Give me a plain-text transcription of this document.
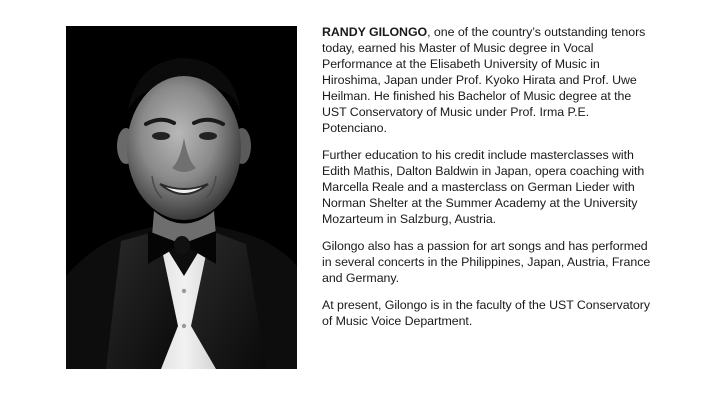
RANDY GILONGO, one of the country’s outstanding tenors today, earned his Master of Music degree in Vocal Performance at the Elisabeth University of Music in Hiroshima, Japan under Prof. Kyoko Hirata and Prof. Uwe Heilman. He finished his Bachelor of Music degree at the UST Conservatory of Music under Prof. Irma P.E. Potenciano.

Further education to his credit include masterclasses with Edith Mathis, Dalton Baldwin in Japan, opera coaching with Marcella Reale and a masterclass on German Lieder with Norman Shelter at the Summer Academy at the University Mozarteum in Salzburg, Austria.

Gilongo also has a passion for art songs and has performed in several concerts in the Philippines, Japan, Austria, France and Germany.

At present, Gilongo is in the faculty of the UST Conservatory of Music Voice Department.
